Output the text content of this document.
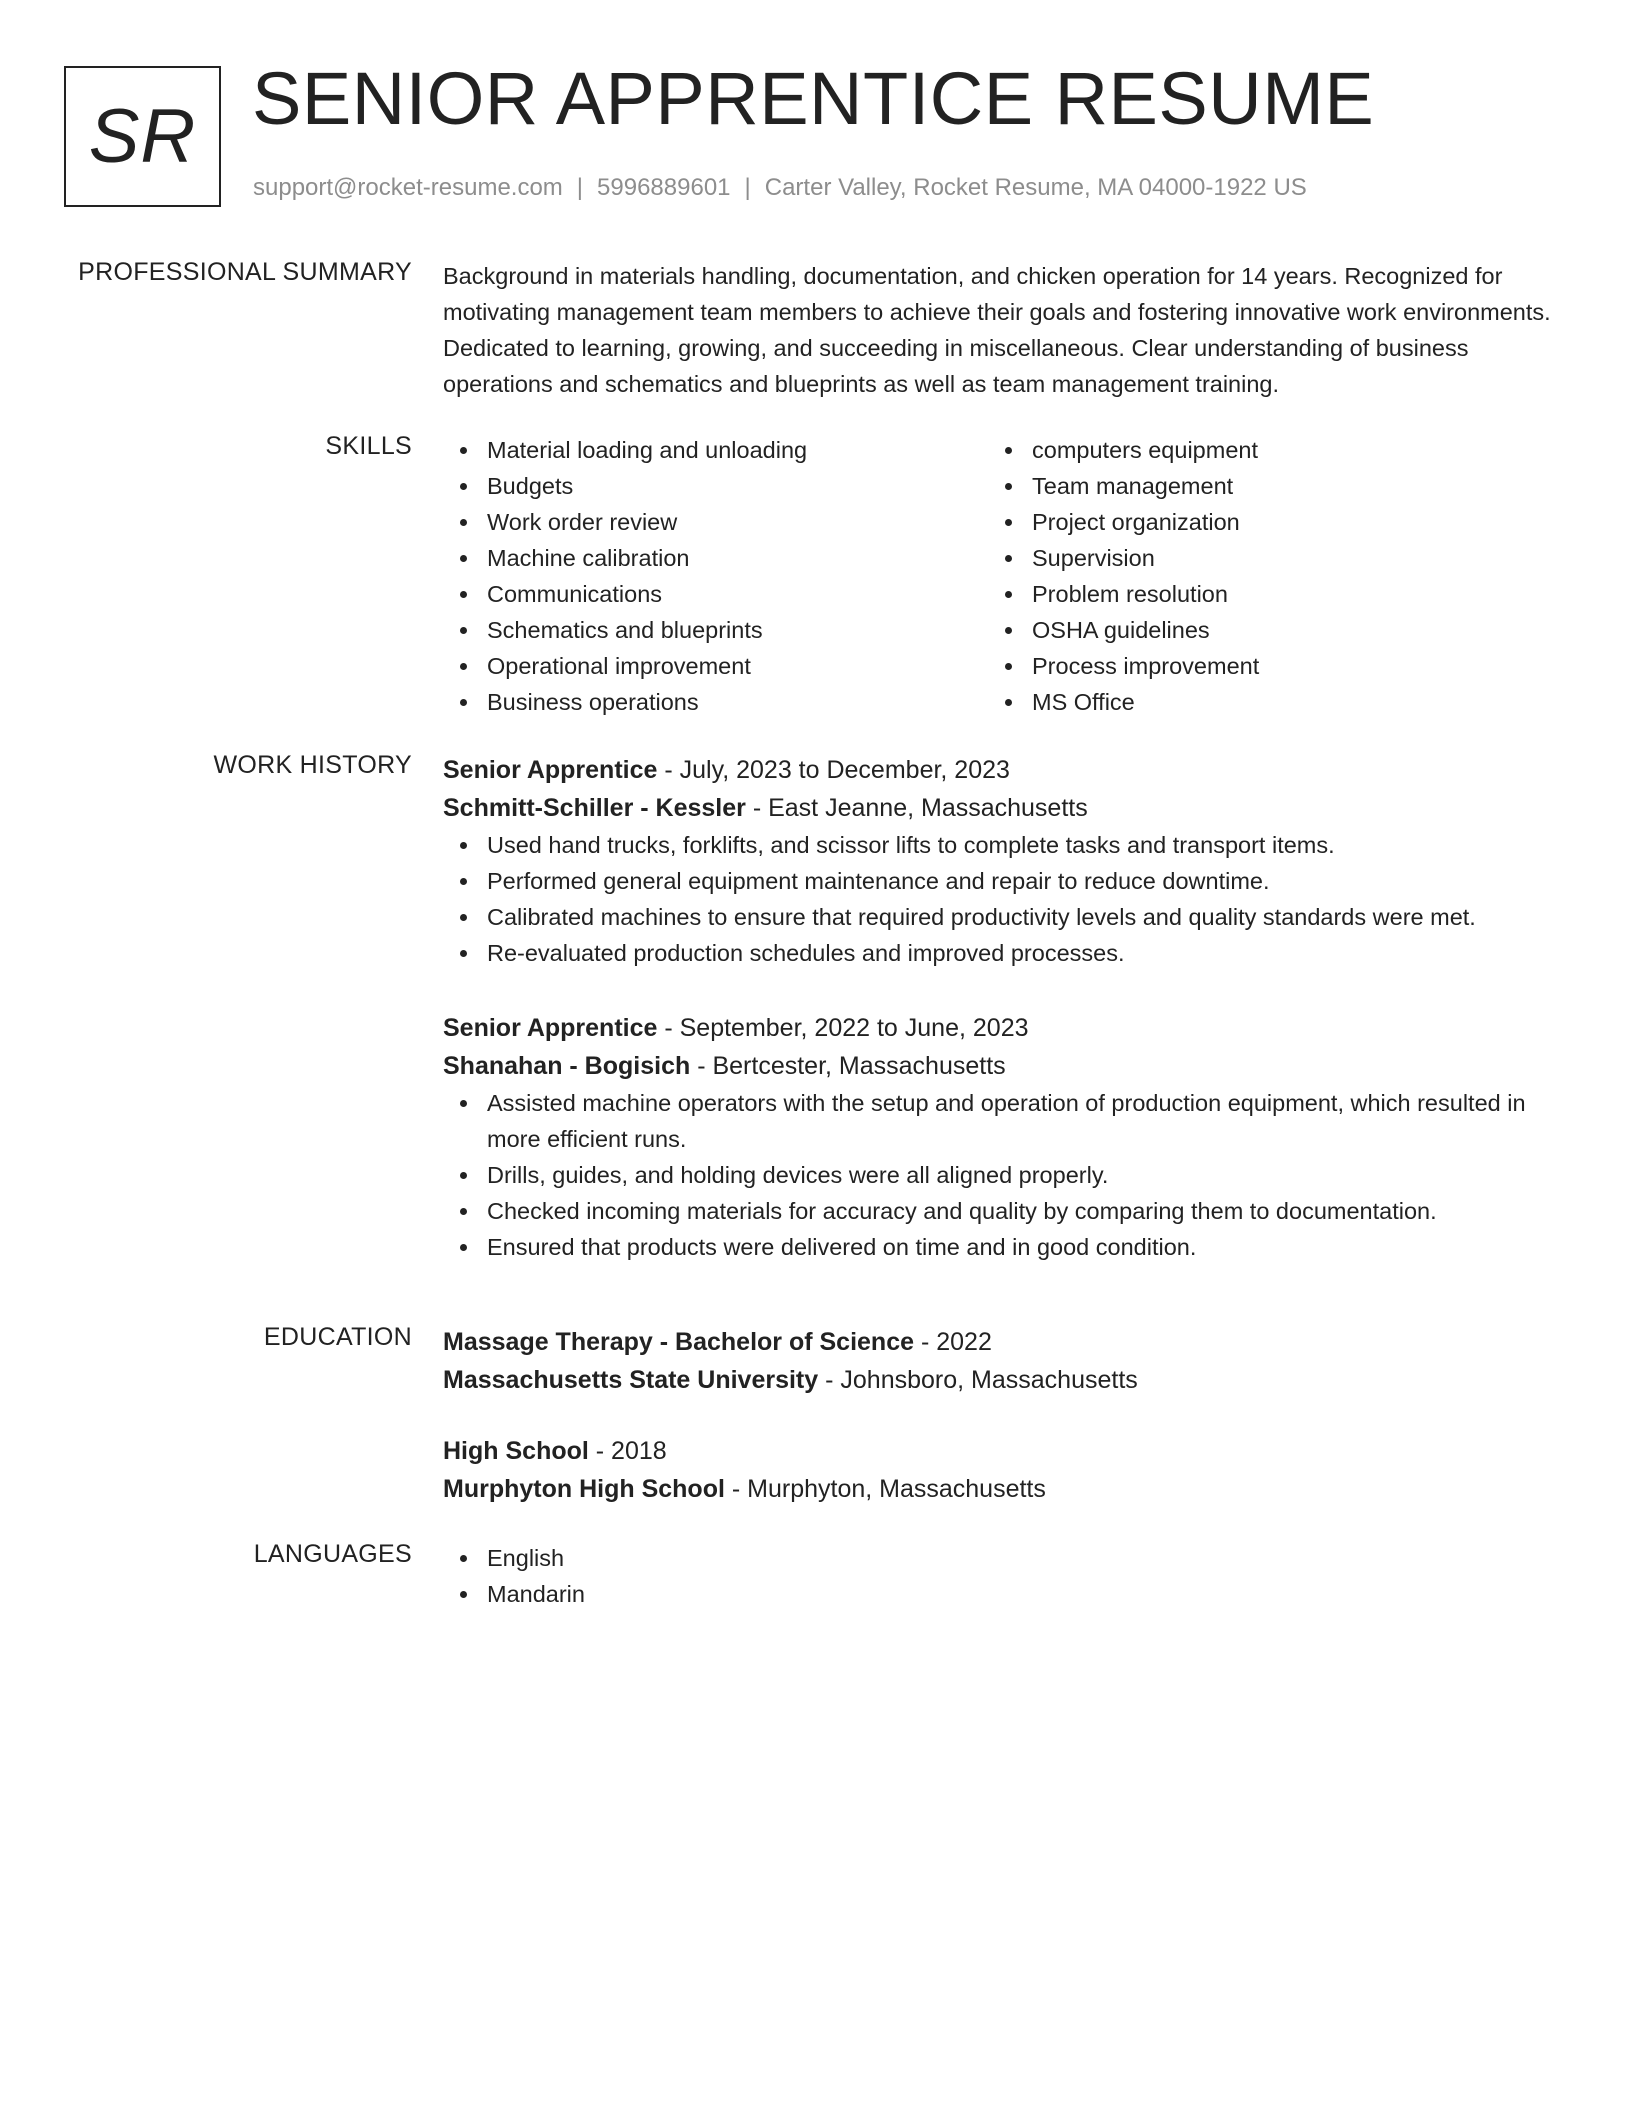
SR SENIOR APPRENTICE RESUME
support@rocket-resume.com | 5996889601 | Carter Valley, Rocket Resume, MA 04000-1922 US
PROFESSIONAL SUMMARY Background in materials handling, documentation, and chicken operation for 14 years. Recognized for motivating management team members to achieve their goals and fostering innovative work environments. Dedicated to learning, growing, and succeeding in miscellaneous. Clear understanding of business operations and schematics and blueprints as well as team management training.

SKILLS	Material loading and unloading
Budgets
Work order review
Machine calibration
Communications
Schematics and blueprints
Operational improvement
Business operations
computers equipment
Team management
Project organization
Supervision
Problem resolution
OSHA guidelines
Process improvement
MS Office
WORK HISTORY Senior Apprentice - July, 2023 to December, 2023
Schmitt-Schiller - Kessler - East Jeanne, Massachusetts
Used hand trucks, forklifts, and scissor lifts to complete tasks and transport items.
Performed general equipment maintenance and repair to reduce downtime.
Calibrated machines to ensure that required productivity levels and quality standards were met.
Re-evaluated production schedules and improved processes.
Senior Apprentice - September, 2022 to June, 2023
Shanahan - Bogisich - Bertcester, Massachusetts
Assisted machine operators with the setup and operation of production equipment, which resulted in more efficient runs.
Drills, guides, and holding devices were all aligned properly.
Checked incoming materials for accuracy and quality by comparing them to documentation.
Ensured that products were delivered on time and in good condition.
EDUCATION Massage Therapy - Bachelor of Science - 2022
Massachusetts State University - Johnsboro, Massachusetts
High School - 2018
Murphyton High School - Murphyton, Massachusetts
LANGUAGES	English
Mandarin
